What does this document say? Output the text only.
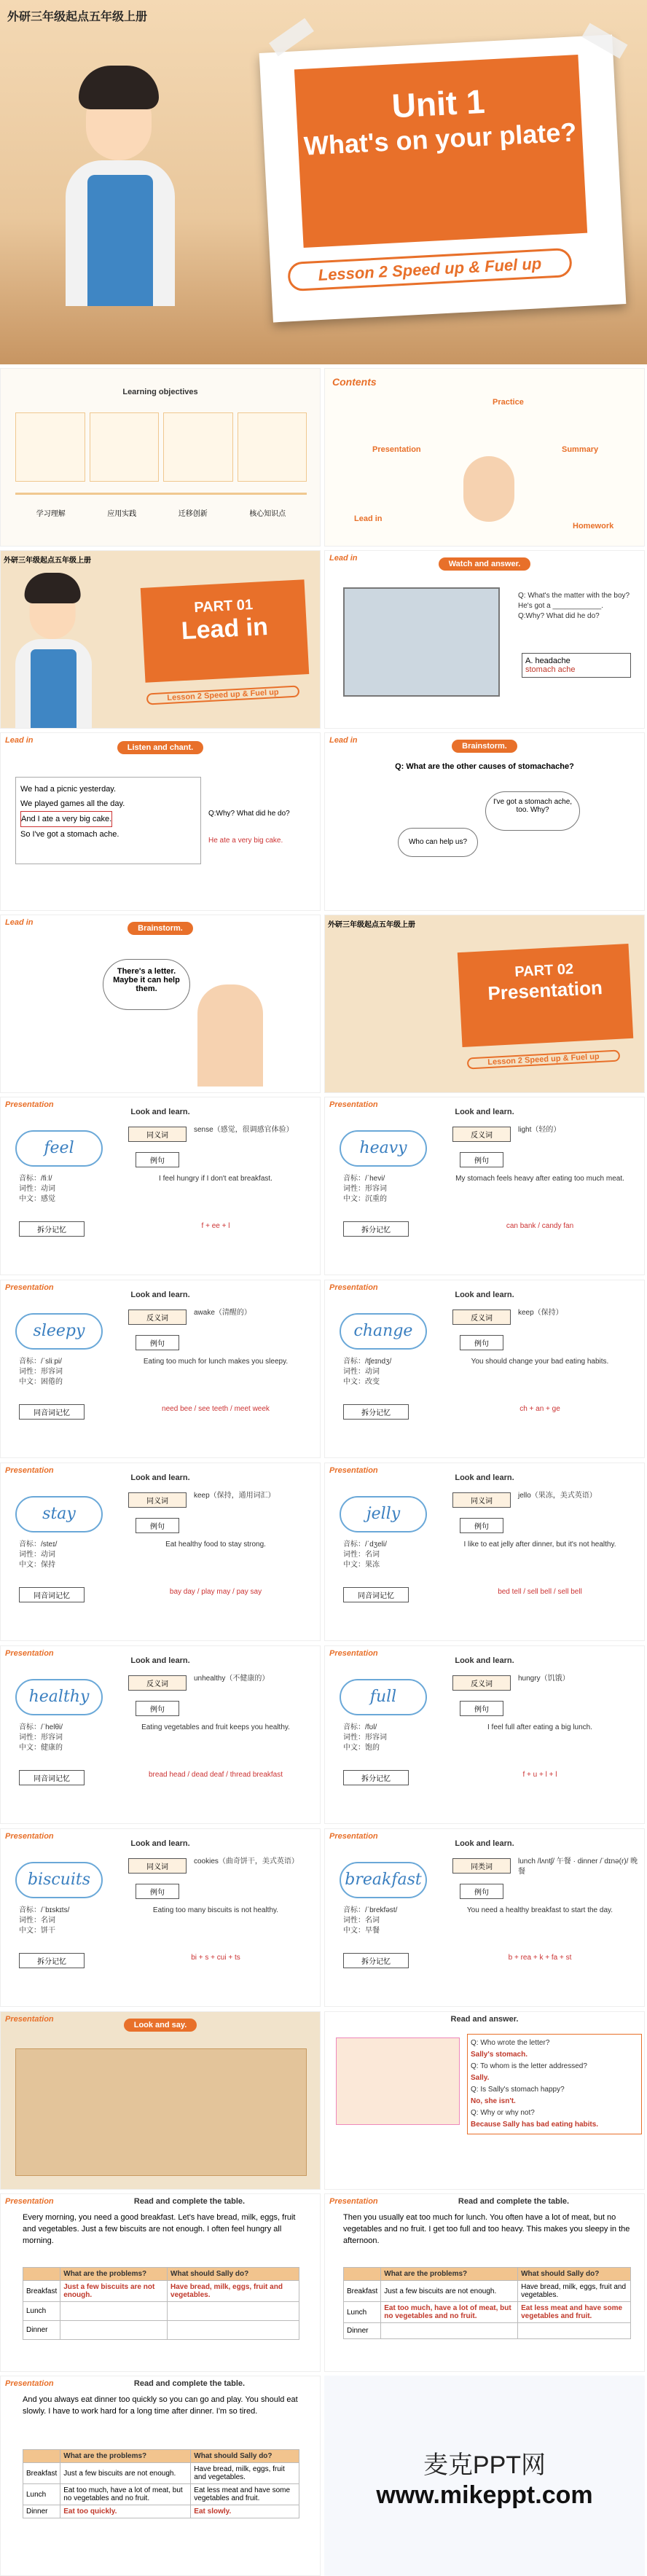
外研三年级起点五年级上册
Unit 1
What's on your plate?
Lesson 2 Speed up & Fuel up
Learning objectives
学习理解	应用实践	迁移创新	核心知识点
Contents
Lead in
Presentation
Practice
Summary
Homework
外研三年级起点五年级上册
PART 01
Lead in
Lesson 2 Speed up & Fuel up
Lead in
Watch and answer.
Q: What's the matter with the boy?
He's got a ____________.
Q:Why? What did he do?
A. headache
stomach ache
Lead in
Listen and chant.
We had a picnic yesterday.
We played games all the day.
And I ate a very big cake.
So I've got a stomach ache.
Q:Why? What did he do?
He ate a very big cake.
Lead in
Brainstorm.
Q: What are the other causes of stomachache?
I've got a stomach ache, too. Why?
Who can help us?
Lead in
Brainstorm.
There's a letter. Maybe it can help them.
外研三年级起点五年级上册
PART 02
Presentation
Lesson 2 Speed up & Fuel up
Presentation
Look and learn.
feel
同义词
sense（感觉，很调感官体验）
例句
I feel hungry if I don't eat breakfast.
音标：/fiːl/
词性：动词
中文：感觉
拆分记忆
f + ee + l
Presentation
Look and learn.
heavy
反义词
light（轻的）
例句
My stomach feels heavy after eating too much meat.
音标：/ˈhevi/
词性：形容词
中文：沉重的
拆分记忆
can bank / candy fan
Presentation
Look and learn.
sleepy
反义词
awake（清醒的）
例句
Eating too much for lunch makes you sleepy.
音标：/ˈsliːpi/
词性：形容词
中文：困倦的
同音词记忆
need bee / see teeth / meet week
Presentation
Look and learn.
change
反义词
keep（保持）
例句
You should change your bad eating habits.
音标：/tʃeɪndʒ/
词性：动词
中文：改变
拆分记忆
ch + an + ge
Presentation
Look and learn.
stay
同义词
keep（保持，通用词汇）
例句
Eat healthy food to stay strong.
音标：/steɪ/
词性：动词
中文：保持
同音词记忆
bay day / play may / pay say
Presentation
Look and learn.
jelly
同义词
jello（果冻，美式英语）
例句
I like to eat jelly after dinner, but it's not healthy.
音标：/ˈdʒeli/
词性：名词
中文：果冻
同音词记忆
bed tell / sell bell / sell bell
Presentation
Look and learn.
healthy
反义词
unhealthy（不健康的）
例句
Eating vegetables and fruit keeps you healthy.
音标：/ˈhelθi/
词性：形容词
中文：健康的
同音词记忆
bread head / dead deaf / thread breakfast
Presentation
Look and learn.
full
反义词
hungry（饥饿）
例句
I feel full after eating a big lunch.
音标：/fʊl/
词性：形容词
中文：饱的
拆分记忆
f + u + l + l
Presentation
Look and learn.
biscuits
同义词
cookies（曲奇饼干，美式英语）
例句
Eating too many biscuits is not healthy.
音标：/ˈbɪskɪts/
词性：名词
中文：饼干
拆分记忆
bi + s + cui + ts
Presentation
Look and learn.
breakfast
同类词
lunch /lʌntʃ/ 午餐 · dinner /ˈdɪnə(r)/ 晚餐
例句
You need a healthy breakfast to start the day.
音标：/ˈbrekfəst/
词性：名词
中文：早餐
拆分记忆
b + rea + k + fa + st
Presentation
Look and say.
Read and answer.
Q: Who wrote the letter?
Sally's stomach.
Q: To whom is the letter addressed?
Sally.
Q: Is Sally's stomach happy?
No, she isn't.
Q: Why or why not?
Because Sally has bad eating habits.
Presentation	Read and complete the table.
Every morning, you need a good breakfast. Let's have bread, milk, eggs, fruit and vegetables. Just a few biscuits are not enough. I often feel hungry all morning.
	What are the problems?	What should Sally do?
Breakfast	Just a few biscuits are not enough.	Have bread, milk, eggs, fruit and vegetables.
Lunch		
Dinner		
Presentation	Read and complete the table.
Then you usually eat too much for lunch. You often have a lot of meat, but no vegetables and no fruit. I get too full and too heavy. This makes you sleepy in the afternoon.
	What are the problems?	What should Sally do?
Breakfast	Just a few biscuits are not enough.	Have bread, milk, eggs, fruit and vegetables.
Lunch	Eat too much, have a lot of meat, but no vegetables and no fruit.	Eat less meat and have some vegetables and fruit.
Dinner		
Presentation	Read and complete the table.
And you always eat dinner too quickly so you can go and play. You should eat slowly. I have to work hard for a long time after dinner. I'm so tired.
	What are the problems?	What should Sally do?
Breakfast	Just a few biscuits are not enough.	Have bread, milk, eggs, fruit and vegetables.
Lunch	Eat too much, have a lot of meat, but no vegetables and no fruit.	Eat less meat and have some vegetables and fruit.
Dinner	Eat too quickly.	Eat slowly.
麦克PPT网
www.mikeppt.com
